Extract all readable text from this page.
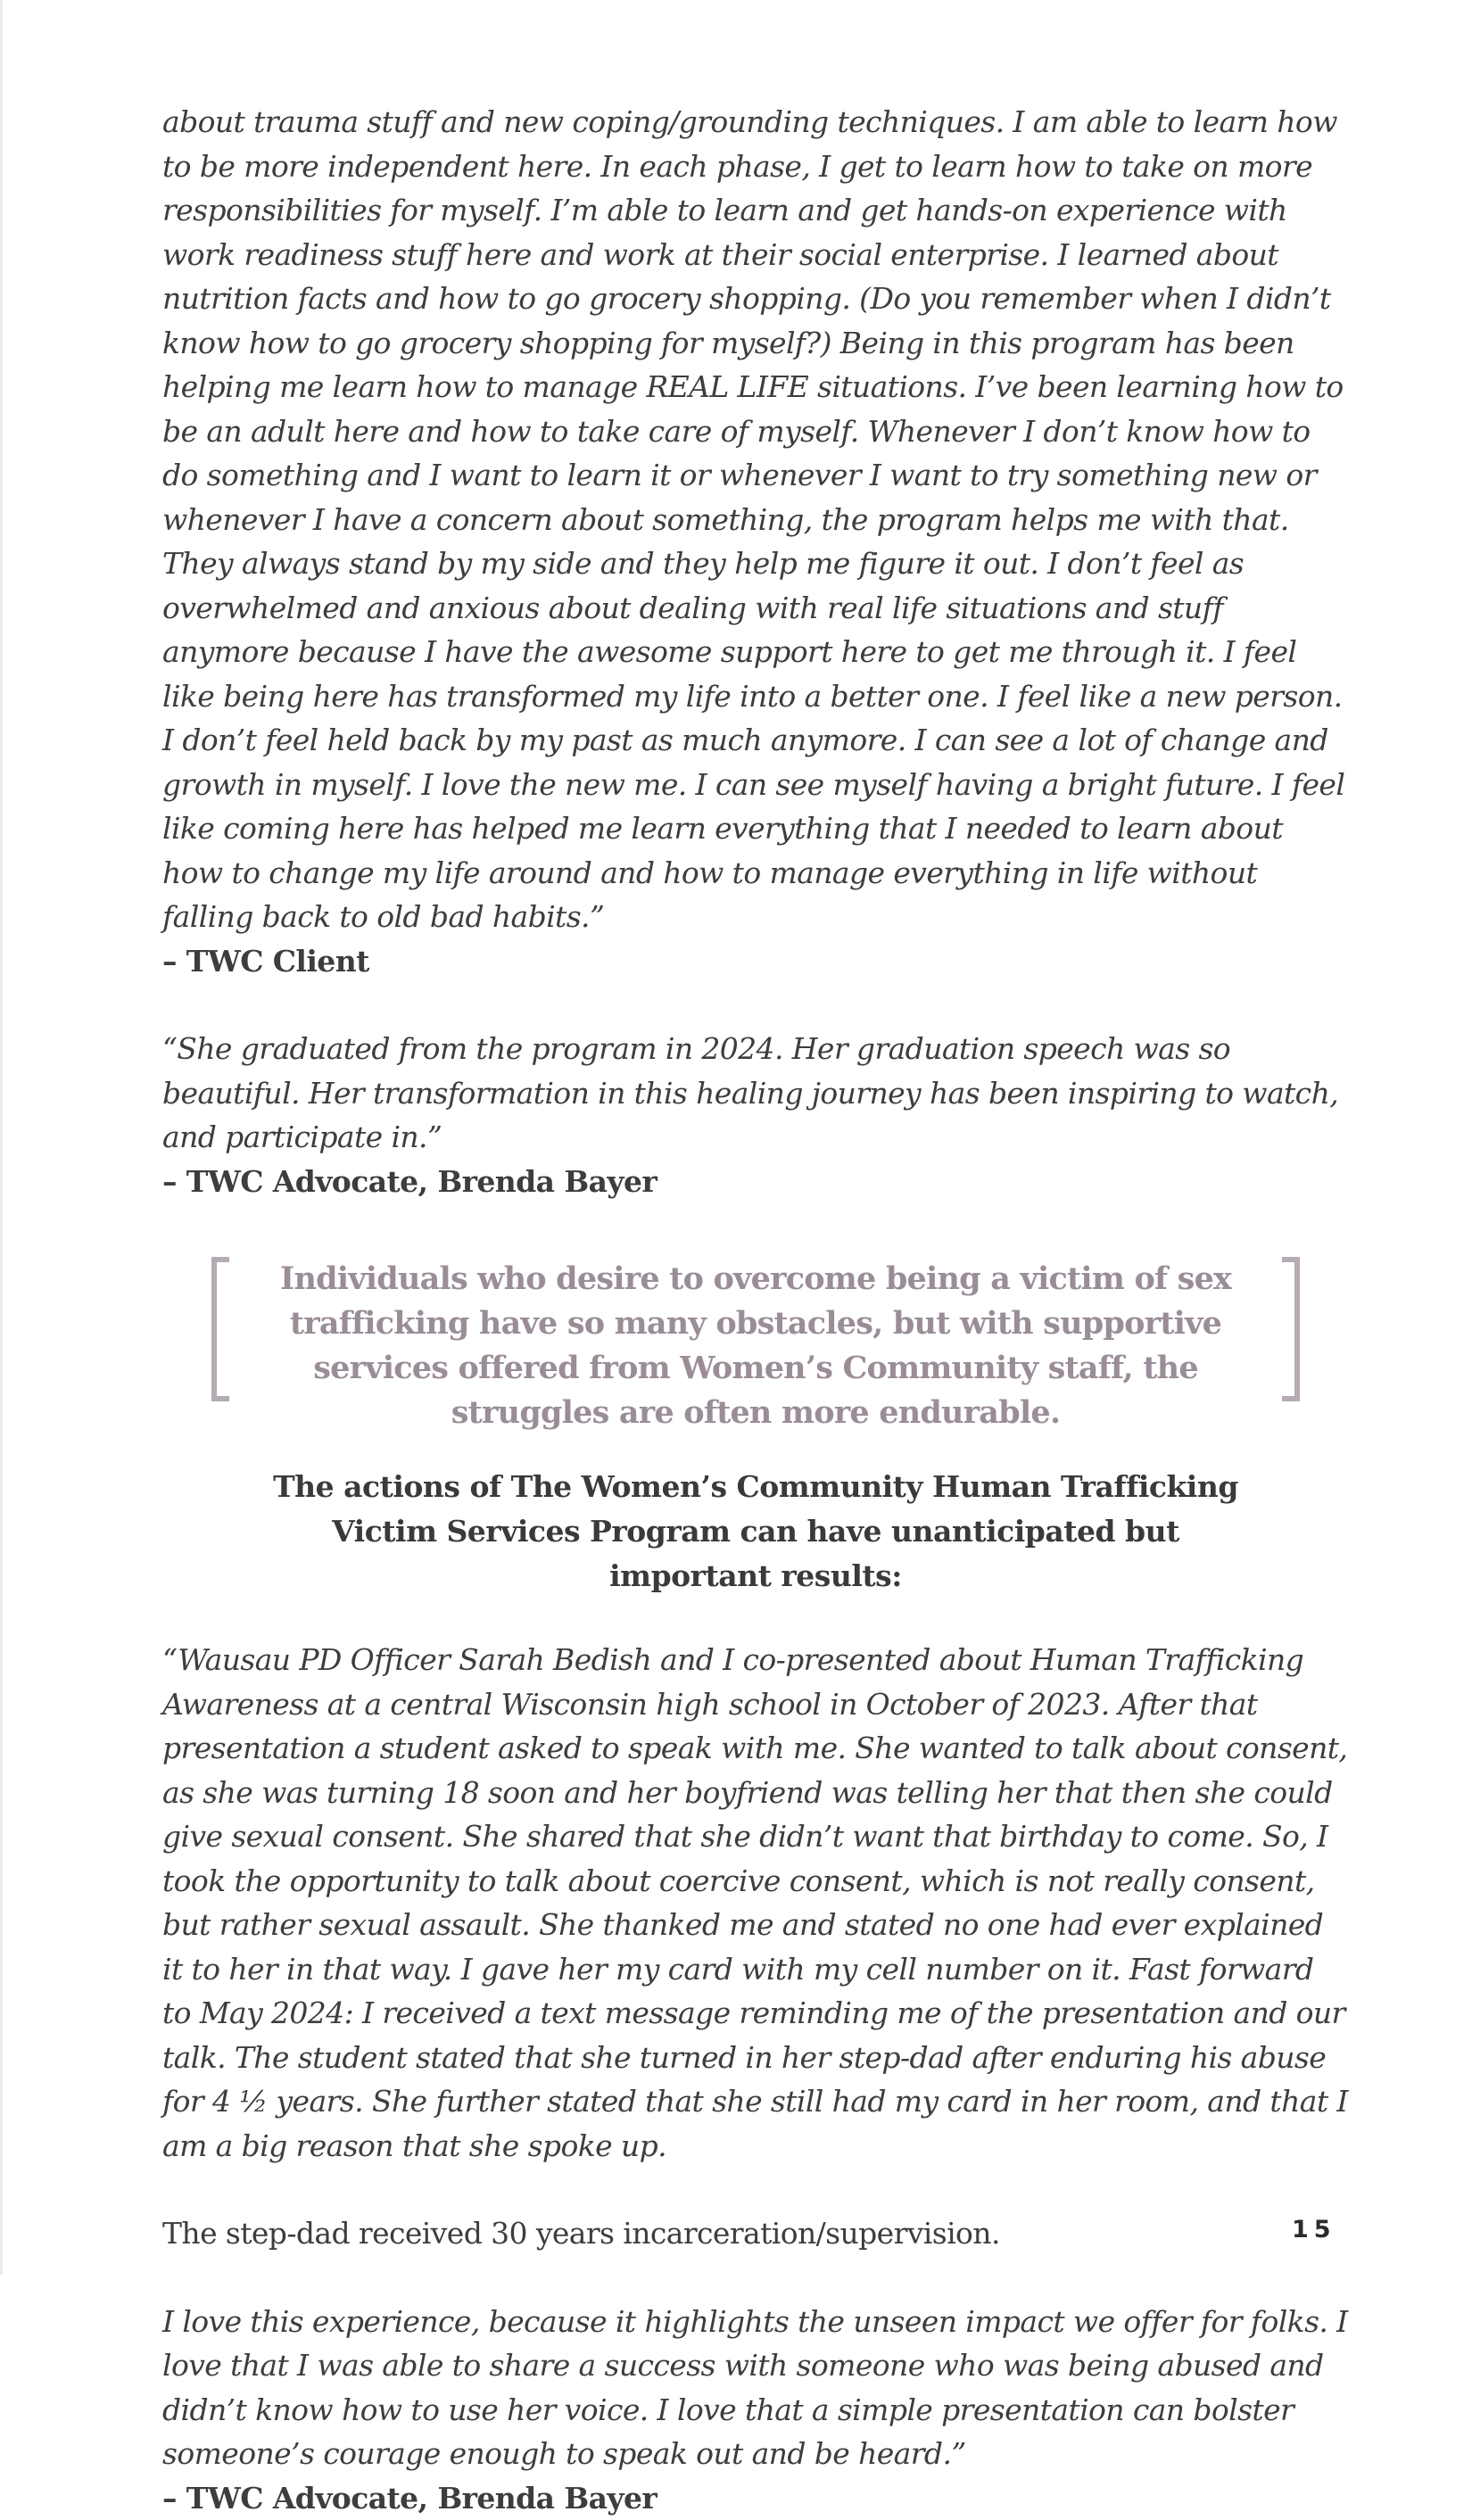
about trauma stuff and new coping/grounding techniques. I am able to learn how to be more independent here. In each phase, I get to learn how to take on more responsibilities for myself. I’m able to learn and get hands-on experience with work readiness stuff here and work at their social enterprise. I learned about nutrition facts and how to go grocery shopping. (Do you remember when I didn’t know how to go grocery shopping for myself?) Being in this program has been helping me learn how to manage REAL LIFE situations. I’ve been learning how to be an adult here and how to take care of myself. Whenever I don’t know how to do something and I want to learn it or whenever I want to try something new or whenever I have a concern about something, the program helps me with that. They always stand by my side and they help me figure it out. I don’t feel as overwhelmed and anxious about dealing with real life situations and stuff anymore because I have the awesome support here to get me through it. I feel like being here has transformed my life into a better one. I feel like a new person. I don’t feel held back by my past as much anymore. I can see a lot of change and growth in myself. I love the new me. I can see myself having a bright future. I feel like coming here has helped me learn everything that I needed to learn about how to change my life around and how to manage everything in life without falling back to old bad habits.”

– TWC Client

“She graduated from the program in 2024. Her graduation speech was so beautiful. Her transformation in this healing journey has been inspiring to watch, and participate in.”

– TWC Advocate, Brenda Bayer

Individuals who desire to overcome being a victim of sex trafficking have so many obstacles, but with supportive services offered from Women’s Community staff, the struggles are often more endurable.
The actions of The Women’s Community Human Trafficking Victim Services Program can have unanticipated but important results:

“Wausau PD Officer Sarah Bedish and I co-presented about Human Trafficking Awareness at a central Wisconsin high school in October of 2023. After that presentation a student asked to speak with me. She wanted to talk about consent, as she was turning 18 soon and her boyfriend was telling her that then she could give sexual consent. She shared that she didn’t want that birthday to come. So, I took the opportunity to talk about coercive consent, which is not really consent, but rather sexual assault. She thanked me and stated no one had ever explained it to her in that way. I gave her my card with my cell number on it. Fast forward to May 2024: I received a text message reminding me of the presentation and our talk. The student stated that she turned in her step-dad after enduring his abuse for 4 ½ years. She further stated that she still had my card in her room, and that I am a big reason that she spoke up.

The step-dad received 30 years incarceration/supervision.

I love this experience, because it highlights the unseen impact we offer for folks. I love that I was able to share a success with someone who was being abused and didn’t know how to use her voice. I love that a simple presentation can bolster someone’s courage enough to speak out and be heard.”

– TWC Advocate, Brenda Bayer

15
